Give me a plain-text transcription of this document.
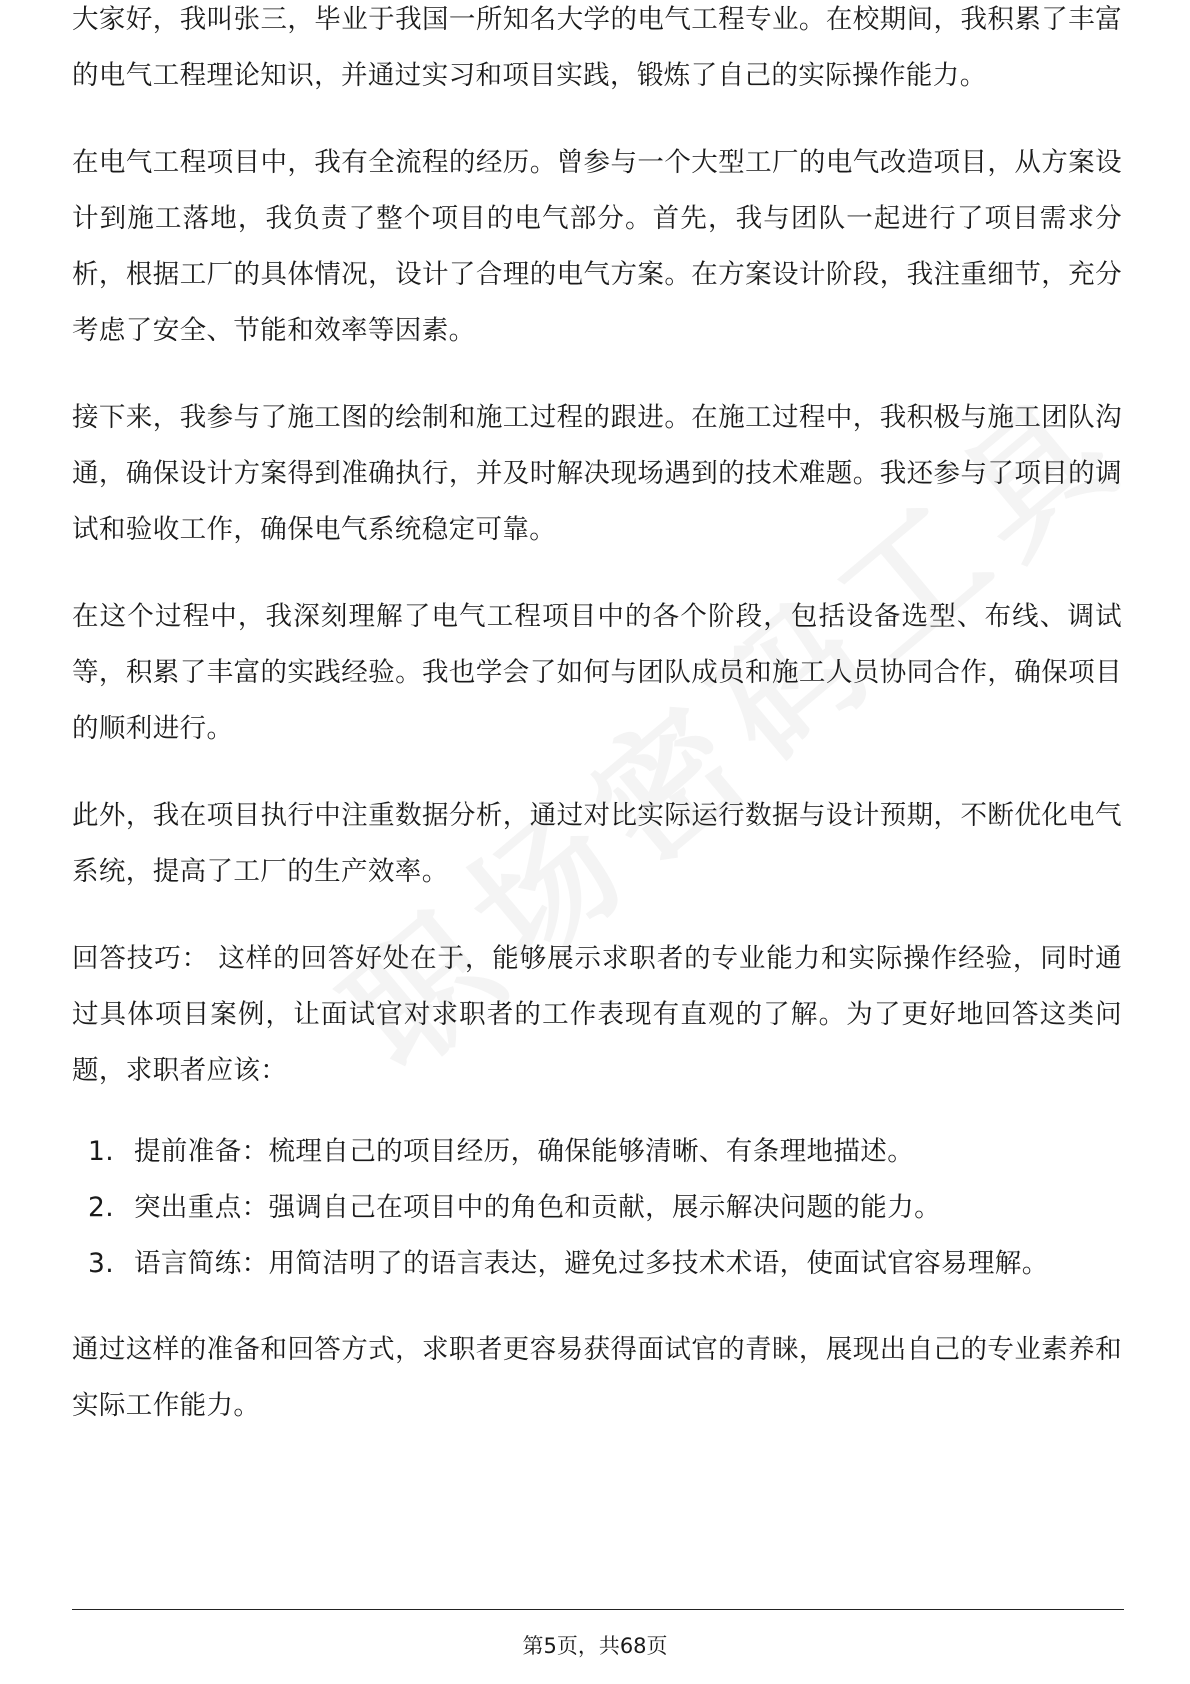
大家好，我叫张三，毕业于我国一所知名大学的电气工程专业。在校期间，我积累了丰富的电气工程理论知识，并通过实习和项目实践，锻炼了自己的实际操作能力。

在电气工程项目中，我有全流程的经历。曾参与一个大型工厂的电气改造项目，从方案设计到施工落地，我负责了整个项目的电气部分。首先，我与团队一起进行了项目需求分析，根据工厂的具体情况，设计了合理的电气方案。在方案设计阶段，我注重细节，充分考虑了安全、节能和效率等因素。

接下来，我参与了施工图的绘制和施工过程的跟进。在施工过程中，我积极与施工团队沟通，确保设计方案得到准确执行，并及时解决现场遇到的技术难题。我还参与了项目的调试和验收工作，确保电气系统稳定可靠。

在这个过程中，我深刻理解了电气工程项目中的各个阶段，包括设备选型、布线、调试等，积累了丰富的实践经验。我也学会了如何与团队成员和施工人员协同合作，确保项目的顺利进行。

此外，我在项目执行中注重数据分析，通过对比实际运行数据与设计预期，不断优化电气系统，提高了工厂的生产效率。

回答技巧： 这样的回答好处在于，能够展示求职者的专业能力和实际操作经验，同时通过具体项目案例，让面试官对求职者的工作表现有直观的了解。为了更好地回答这类问题，求职者应该：

1. 提前准备：梳理自己的项目经历，确保能够清晰、有条理地描述。
2. 突出重点：强调自己在项目中的角色和贡献，展示解决问题的能力。
3. 语言简练：用简洁明了的语言表达，避免过多技术术语，使面试官容易理解。

通过这样的准备和回答方式，求职者更容易获得面试官的青睐，展现出自己的专业素养和实际工作能力。

第5页，共68页
